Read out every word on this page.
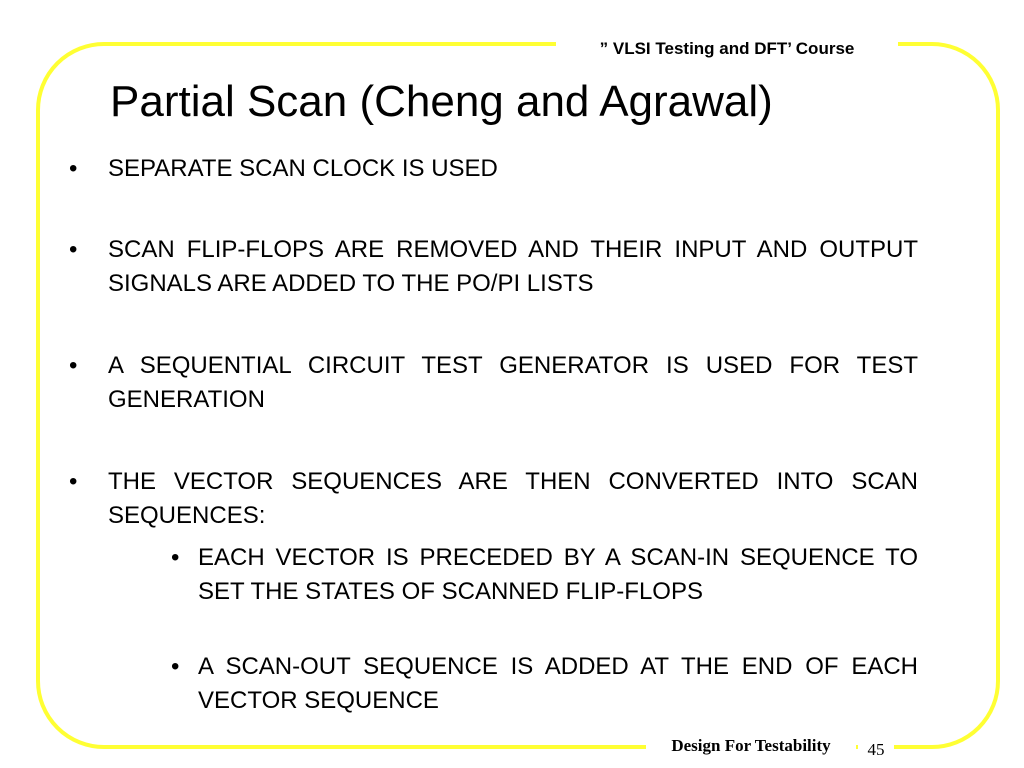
” VLSI Testing and DFT’ Course
Partial Scan (Cheng and Agrawal)
• SEPARATE SCAN CLOCK IS USED
• SCAN FLIP-FLOPS ARE REMOVED AND THEIR INPUT AND OUTPUT SIGNALS ARE ADDED TO THE PO/PI LISTS
• A SEQUENTIAL CIRCUIT TEST GENERATOR IS USED FOR TEST GENERATION
• THE VECTOR SEQUENCES ARE THEN CONVERTED INTO SCAN SEQUENCES:
• EACH VECTOR IS PRECEDED BY A SCAN-IN SEQUENCE TO SET THE STATES OF SCANNED FLIP-FLOPS
• A SCAN-OUT SEQUENCE IS ADDED AT THE END OF EACH VECTOR SEQUENCE
Design For Testability	45
